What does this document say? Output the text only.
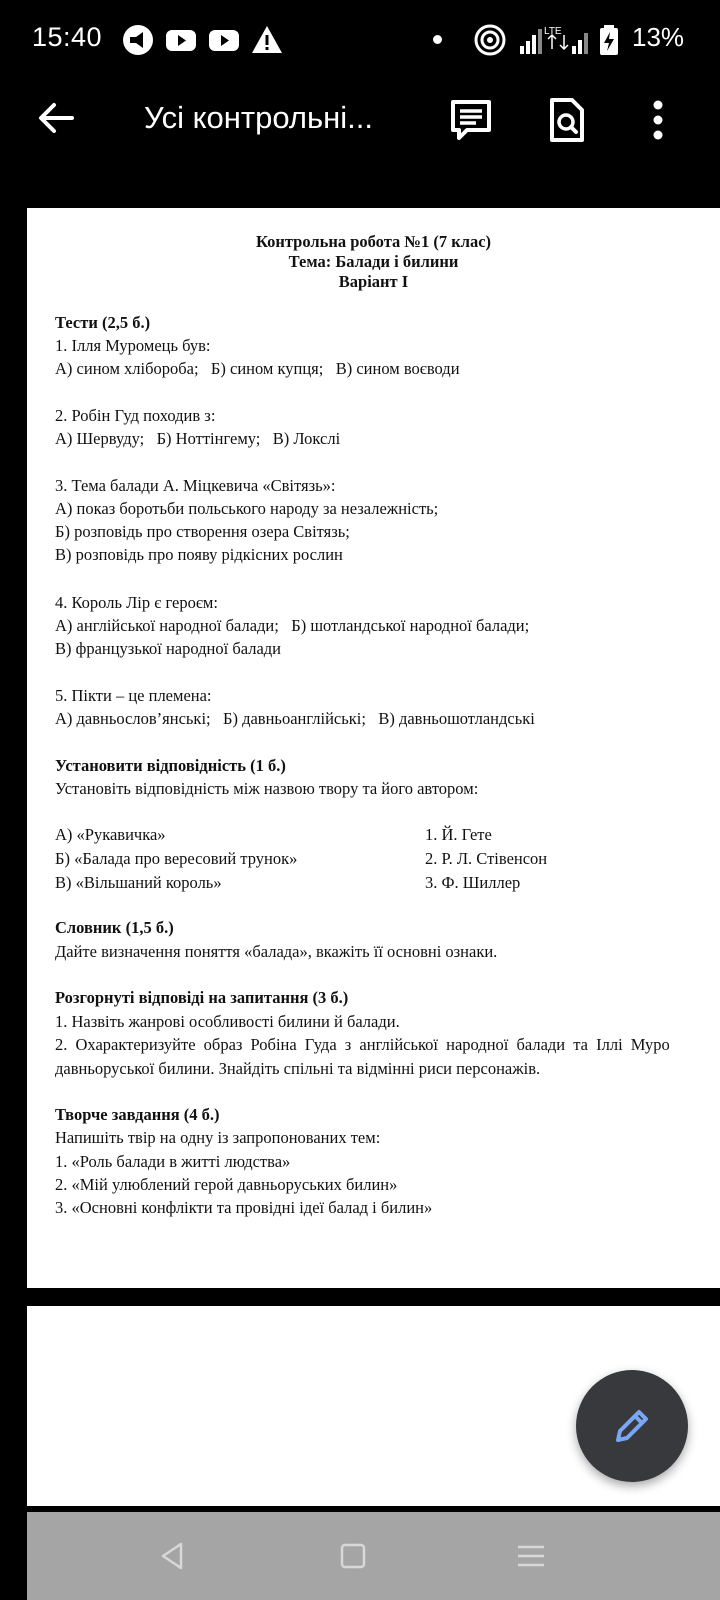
15:40	LTE	13%
Усі контрольні...
Контрольна робота №1 (7 клас)
Тема: Балади і билини
Варіант І
Тести (2,5 б.)
1. Ілля Муромець був:
А) сином хлібороба;   Б) сином купця;   В) сином воєводи
2. Робін Гуд походив з:
А) Шервуду;   Б) Ноттінгему;   В) Локслі
3. Тема балади А. Міцкевича «Світязь»:
А) показ боротьби польського народу за незалежність;
Б) розповідь про створення озера Світязь;
В) розповідь про появу рідкісних рослин
4. Король Лір є героєм:
А) англійської народної балади;   Б) шотландської народної балади;
В) французької народної балади
5. Пікти – це племена:
А) давньослов’янські;   Б) давньоанглійські;   В) давньошотландські
Установити відповідність (1 б.)
Установіть відповідність між назвою твору та його автором:
А) «Рукавичка»
Б) «Балада про вересовий трунок»
В) «Вільшаний король»
1. Й. Гете
2. Р. Л. Стівенсон
3. Ф. Шиллер
Словник (1,5 б.)
Дайте визначення поняття «балада», вкажіть її основні ознаки.
Розгорнуті відповіді на запитання (3 б.)
1. Назвіть жанрові особливості билини й балади.
2. Охарактеризуйте образ Робіна Гуда з англійської народної балади та Іллі Муро
давньоруської билини. Знайдіть спільні та відмінні риси персонажів.
Творче завдання (4 б.)
Напишіть твір на одну із запропонованих тем:
1. «Роль балади в житті людства»
2. «Мій улюблений герой давньоруських билин»
3. «Основні конфлікти та провідні ідеї балад і билин»
